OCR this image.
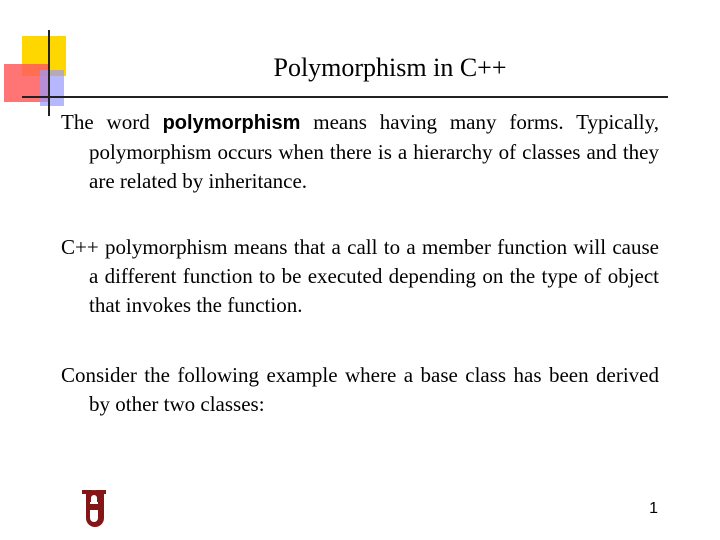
Polymorphism in C++

The word polymorphism means having many forms. Typically, polymorphism occurs when there is a hierarchy of classes and they are related by inheritance.

C++ polymorphism means that a call to a member function will cause a different function to be executed depending on the type of object that invokes the function.

Consider the following example where a base class has been derived by other two classes:

1
